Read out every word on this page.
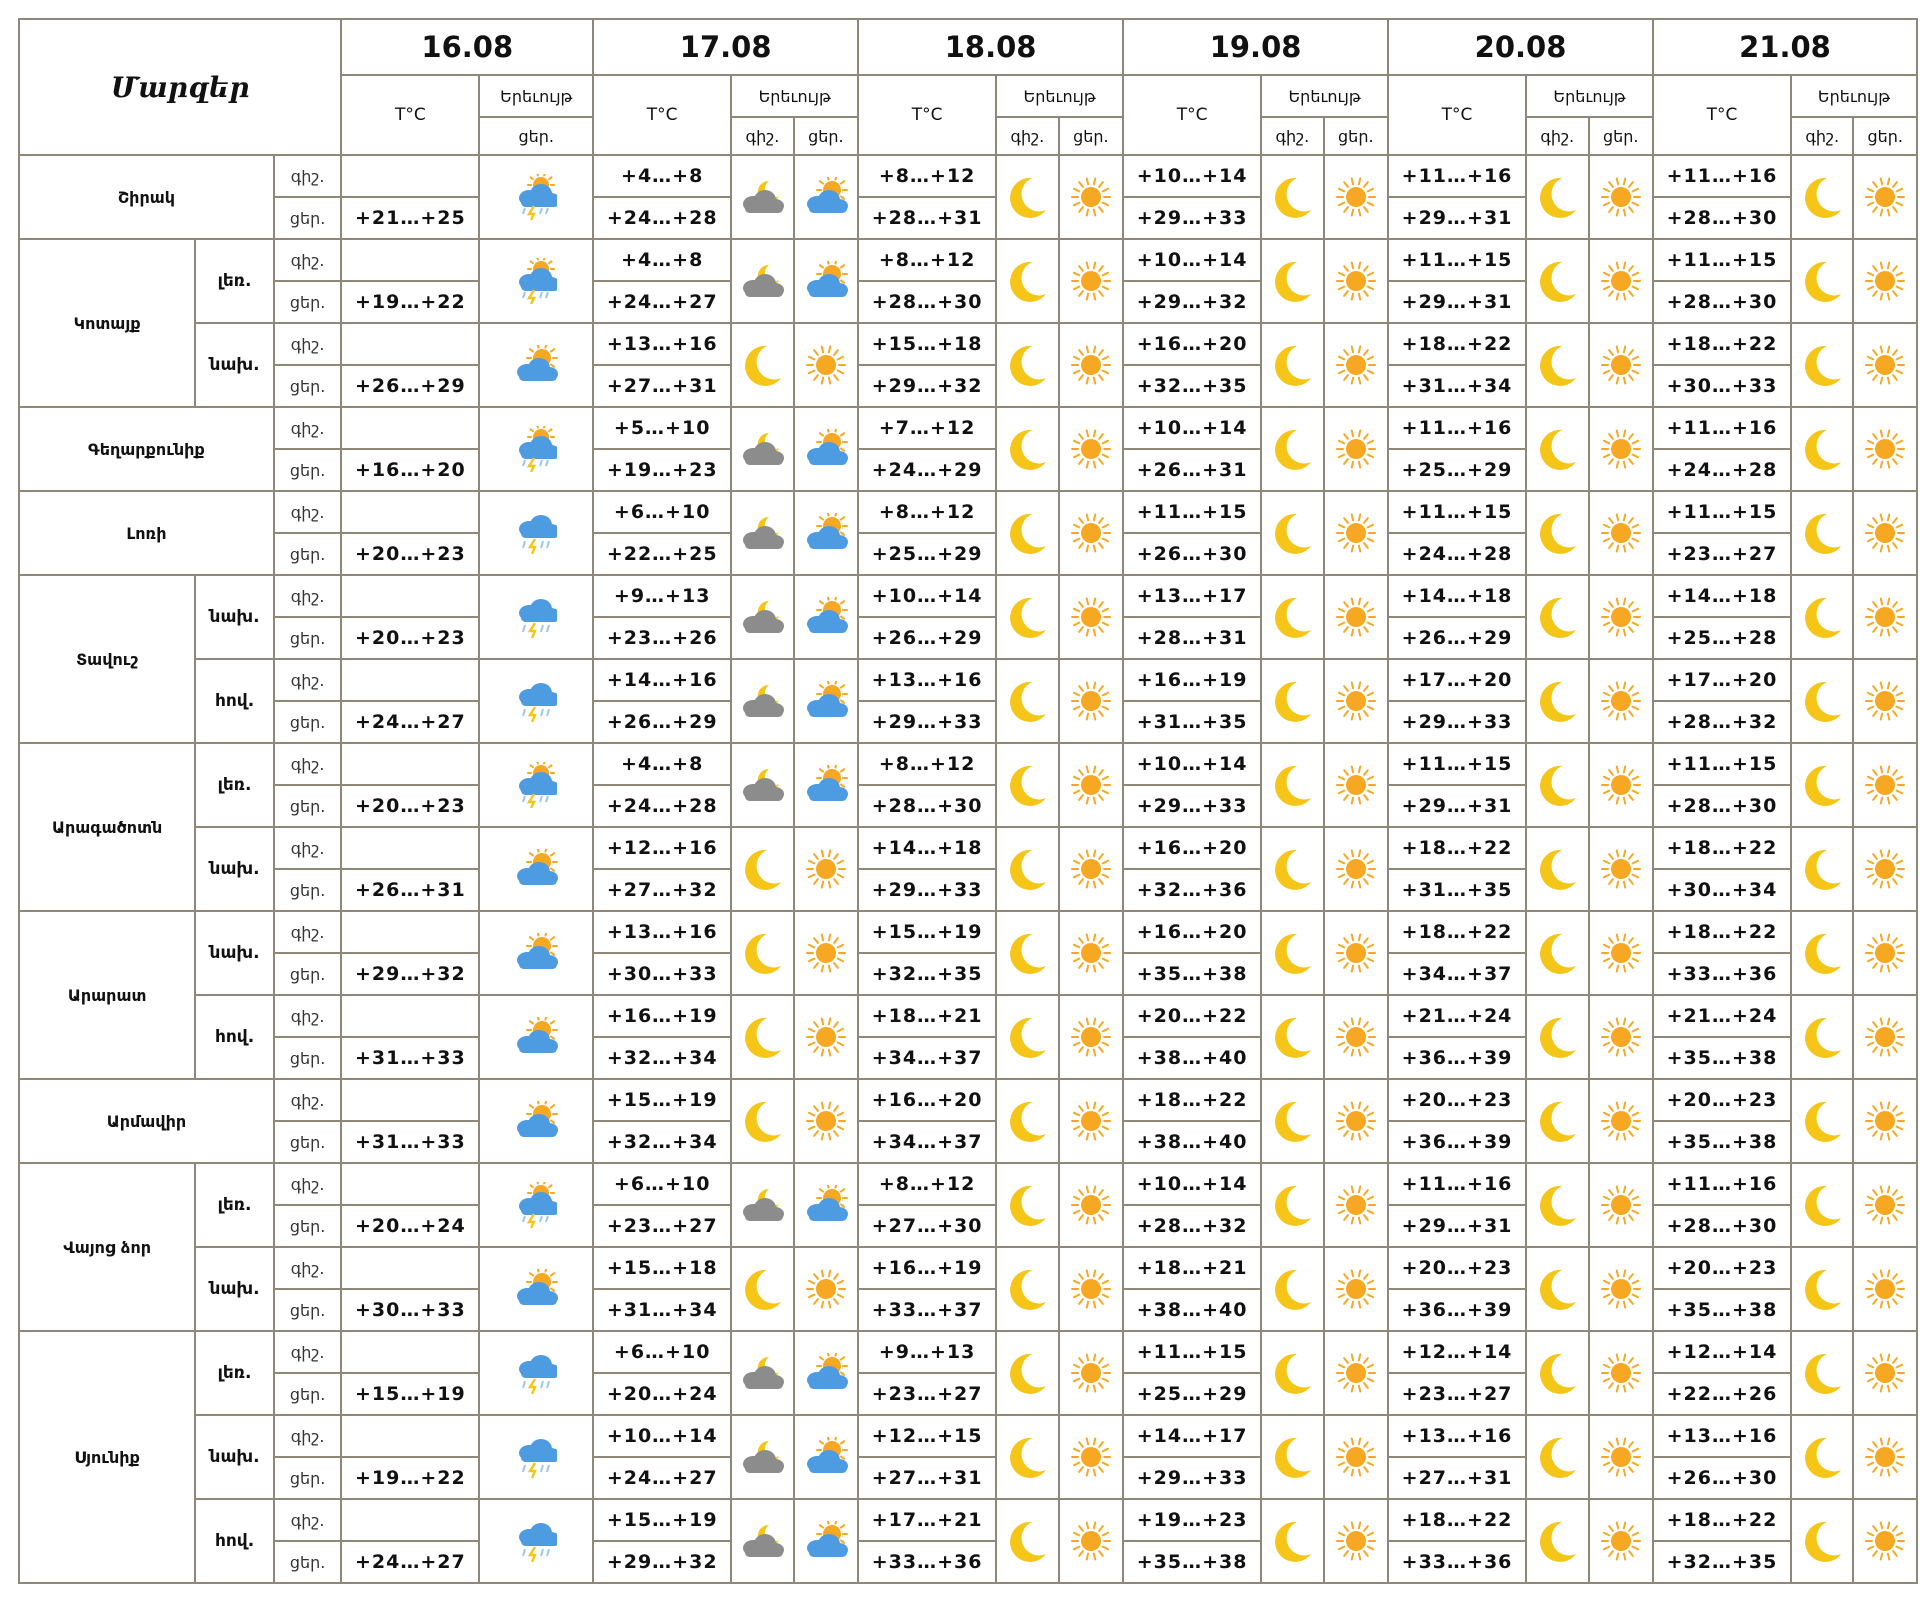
Մարզեր			16.08		17.08			18.08			19.08			20.08			21.08		
			T°C	Երեւույթ	T°C	Երեւույթ		T°C	Երեւույթ		T°C	Երեւույթ		T°C	Երեւույթ		T°C	Երեւույթ	
				ցեր.		գիշ.	ցեր.		գիշ.	ցեր.		գիշ.	ցեր.		գիշ.	ցեր.		գիշ.	ցեր.
Շիրակ		գիշ.			+4…+8			+8…+12			+10…+14			+11…+16			+11…+16	

		ցեր.	+21…+25		+24…+28			+28…+31			+29…+33			+29…+31			+28…+30		
Կոտայք	լեռ.	գիշ.			+4…+8			+8…+12			+10…+14			+11…+15			+11…+15	

		ցեր.	+19…+22		+24…+27			+28…+30			+29…+32			+29…+31			+28…+30		
	նախ.	գիշ.			+13…+16			+15…+18			+16…+20			+18…+22			+18…+22	

		ցեր.	+26…+29		+27…+31			+29…+32			+32…+35			+31…+34			+30…+33		
Գեղարքունիք		գիշ.			+5…+10			+7…+12			+10…+14			+11…+16			+11…+16	

		ցեր.	+16…+20		+19…+23			+24…+29			+26…+31			+25…+29			+24…+28		
Լոռի		գիշ.			+6…+10			+8…+12			+11…+15			+11…+15			+11…+15	

		ցեր.	+20…+23		+22…+25			+25…+29			+26…+30			+24…+28			+23…+27		
Տավուշ	նախ.	գիշ.			+9…+13			+10…+14			+13…+17			+14…+18			+14…+18	

		ցեր.	+20…+23		+23…+26			+26…+29			+28…+31			+26…+29			+25…+28		
	հով.	գիշ.			+14…+16			+13…+16			+16…+19			+17…+20			+17…+20	

		ցեր.	+24…+27		+26…+29			+29…+33			+31…+35			+29…+33			+28…+32		
Արագածոտն	լեռ.	գիշ.			+4…+8			+8…+12			+10…+14			+11…+15			+11…+15	

		ցեր.	+20…+23		+24…+28			+28…+30			+29…+33			+29…+31			+28…+30		
	նախ.	գիշ.			+12…+16			+14…+18			+16…+20			+18…+22			+18…+22	

		ցեր.	+26…+31		+27…+32			+29…+33			+32…+36			+31…+35			+30…+34		
Արարատ	նախ.	գիշ.			+13…+16			+15…+19			+16…+20			+18…+22			+18…+22	

		ցեր.	+29…+32		+30…+33			+32…+35			+35…+38			+34…+37			+33…+36		
	հով.	գիշ.			+16…+19			+18…+21			+20…+22			+21…+24			+21…+24	

		ցեր.	+31…+33		+32…+34			+34…+37			+38…+40			+36…+39			+35…+38		
Արմավիր		գիշ.			+15…+19			+16…+20			+18…+22			+20…+23			+20…+23	

		ցեր.	+31…+33		+32…+34			+34…+37			+38…+40			+36…+39			+35…+38		
Վայոց ձոր	լեռ.	գիշ.			+6…+10			+8…+12			+10…+14			+11…+16			+11…+16	

		ցեր.	+20…+24		+23…+27			+27…+30			+28…+32			+29…+31			+28…+30		
	նախ.	գիշ.			+15…+18			+16…+19			+18…+21			+20…+23			+20…+23	

		ցեր.	+30…+33		+31…+34			+33…+37			+38…+40			+36…+39			+35…+38		
Սյունիք	լեռ.	գիշ.			+6…+10			+9…+13			+11…+15			+12…+14			+12…+14	

		ցեր.	+15…+19		+20…+24			+23…+27			+25…+29			+23…+27			+22…+26		
	նախ.	գիշ.			+10…+14			+12…+15			+14…+17			+13…+16			+13…+16	

		ցեր.	+19…+22		+24…+27			+27…+31			+29…+33			+27…+31			+26…+30		
	հով.	գիշ.			+15…+19			+17…+21			+19…+23			+18…+22			+18…+22	

		ցեր.	+24…+27		+29…+32			+33…+36			+35…+38			+33…+36			+32…+35		
